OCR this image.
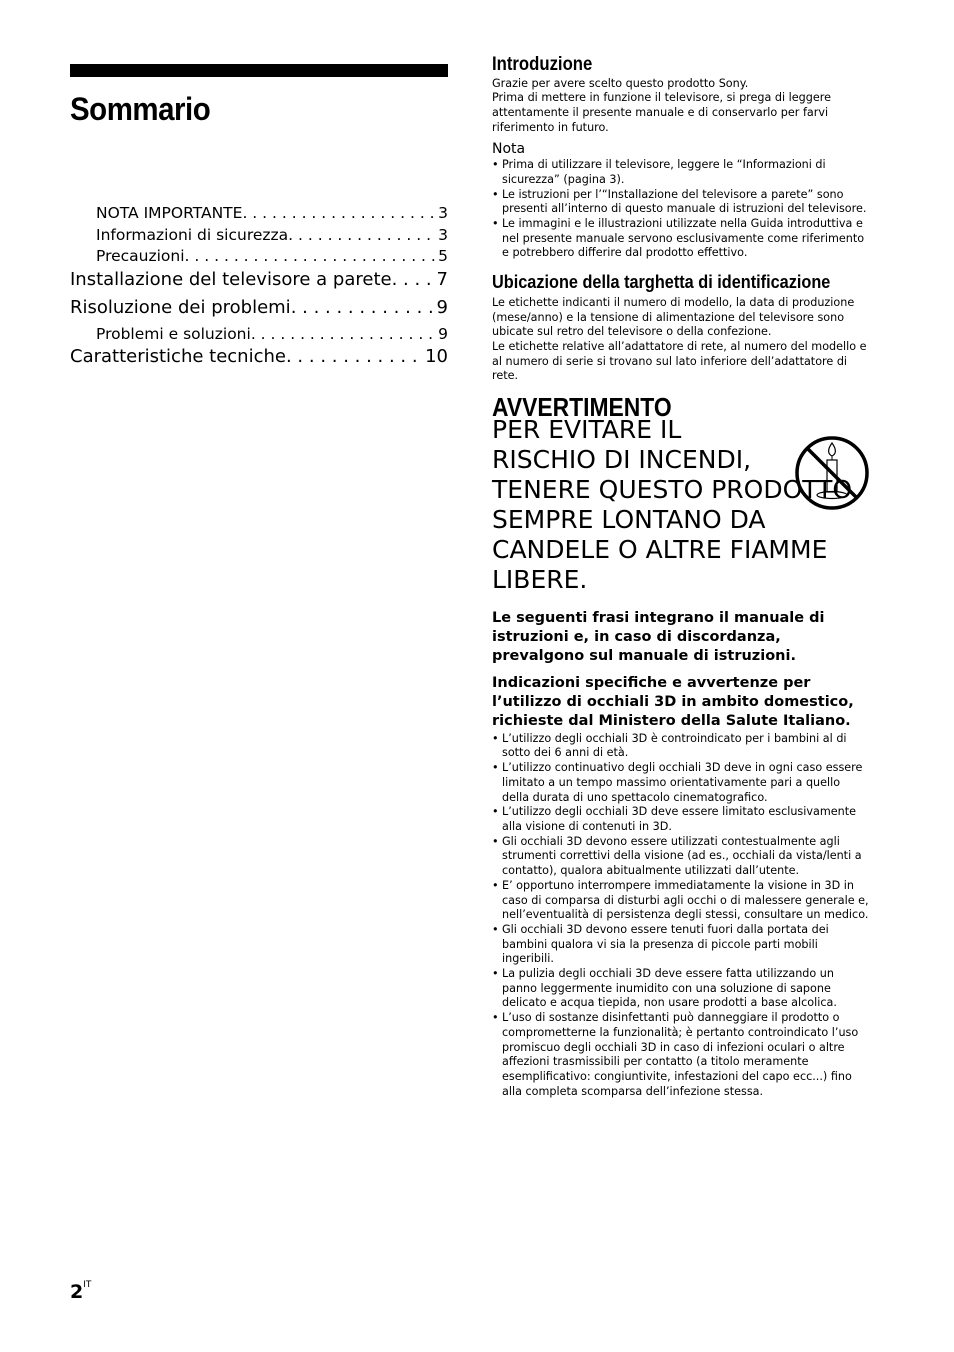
Sommario
NOTA IMPORTANTE . . .	3
Informazioni di sicurezza . . .	3
Precauzioni . . .	5
Installazione del televisore a parete . . . 7
Risoluzione dei problemi . . .	9
Problemi e soluzioni . . .	9
Caratteristiche tecniche . . .	10
Introduzione

Grazie per avere scelto questo prodotto Sony.

Prima di mettere in funzione il televisore, si prega di leggere attentamente il presente manuale e di conservarlo per farvi riferimento in futuro.

Nota
• Prima di utilizzare il televisore, leggere le “Informazioni di sicurezza” (pagina 3).
• Le istruzioni per l’“Installazione del televisore a parete” sono presenti all’interno di questo manuale di istruzioni del televisore.
• Le immagini e le illustrazioni utilizzate nella Guida introduttiva e nel presente manuale servono esclusivamente come riferimento e potrebbero differire dal prodotto effettivo.
Ubicazione della targhetta di identificazione

Le etichette indicanti il numero di modello, la data di produzione (mese/anno) e la tensione di alimentazione del televisore sono ubicate sul retro del televisore o della confezione.

Le etichette relative all’adattatore di rete, al numero del modello e al numero di serie si trovano sul lato inferiore dell’adattatore di rete.

AVVERTIMENTO
PER EVITARE IL
RISCHIO DI INCENDI,
TENERE QUESTO PRODOTTO
SEMPRE LONTANO DA
CANDELE O ALTRE FIAMME
LIBERE.

Le seguenti frasi integrano il manuale di istruzioni e, in caso di discordanza, prevalgono sul manuale di istruzioni.

Indicazioni specifiche e avvertenze per l’utilizzo di occhiali 3D in ambito domestico, richieste dal Ministero della Salute Italiano.

• L’utilizzo degli occhiali 3D è controindicato per i bambini al di sotto dei 6 anni di età.
• L’utilizzo continuativo degli occhiali 3D deve in ogni caso essere limitato a un tempo massimo orientativamente pari a quello della durata di uno spettacolo cinematografico.
• L’utilizzo degli occhiali 3D deve essere limitato esclusivamente alla visione di contenuti in 3D.
• Gli occhiali 3D devono essere utilizzati contestualmente agli strumenti correttivi della visione (ad es., occhiali da vista/lenti a contatto), qualora abitualmente utilizzati dall’utente.
• E’ opportuno interrompere immediatamente la visione in 3D in caso di comparsa di disturbi agli occhi o di malessere generale e, nell’eventualità di persistenza degli stessi, consultare un medico.
• Gli occhiali 3D devono essere tenuti fuori dalla portata dei bambini qualora vi sia la presenza di piccole parti mobili ingeribili.
• La pulizia degli occhiali 3D deve essere fatta utilizzando un panno leggermente inumidito con una soluzione di sapone delicato e acqua tiepida, non usare prodotti a base alcolica.
• L’uso di sostanze disinfettanti può danneggiare il prodotto o comprometterne la funzionalità; è pertanto controindicato l’uso promiscuo degli occhiali 3D in caso di infezioni oculari o altre affezioni trasmissibili per contatto (a titolo meramente esemplificativo: congiuntivite, infestazioni del capo ecc...) fino alla completa scomparsa dell’infezione stessa.
$2^{IT}$
